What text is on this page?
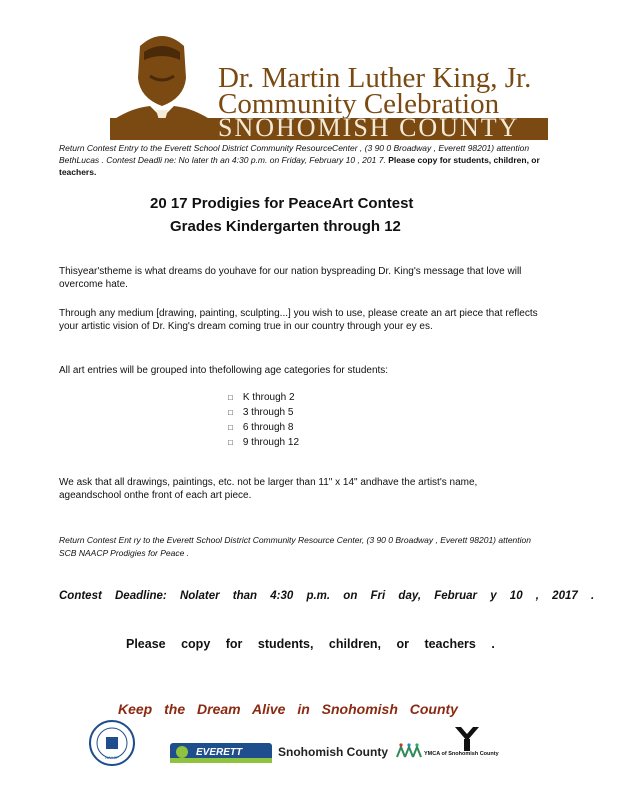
Dr. Martin Luther King, Jr.
Community Celebration
SNOHOMISH COUNTY
Return Contest Entry to the Everett School District Community ResourceCenter , (3 90 0 Broadway , Everett 98201) attention BethLucas . Contest Deadli ne: No later th an 4:30 p.m. on Friday, February 10 , 201 7. Please copy for students, children, or teachers.
20 17 Prodigies for PeaceArt Contest
Grades Kindergarten through 12
Thisyear'stheme is what dreams do youhave for our nation byspreading Dr. King's message that love will overcome hate.
Through any medium [drawing, painting, sculpting...] you wish to use, please create an art piece that reflects your artistic vision of Dr. King's dream coming true in our country through your ey es.
All art entries will be grouped into thefollowing age categories for students:
□ K through 2
□ 3 through 5
□ 6 through 8
□ 9 through 12
We ask that all drawings, paintings, etc. not be larger than 11" x 14" andhave the artist's name, ageandschool onthe front of each art piece.
Return Contest Ent ry to the Everett School District Community Resource Center, (3 90 0 Broadway , Everett 98201) attention SCB NAACP Prodigies for Peace .
Contest Deadline: Nolater than 4:30 p.m. on Fri day, Februar y 10 , 2017 .
Please copy for students, children, or teachers .
Keep the Dream Alive in Snohomish County
NAACP	EVERETT	Snohomish County	YMCA of Snohomish County
